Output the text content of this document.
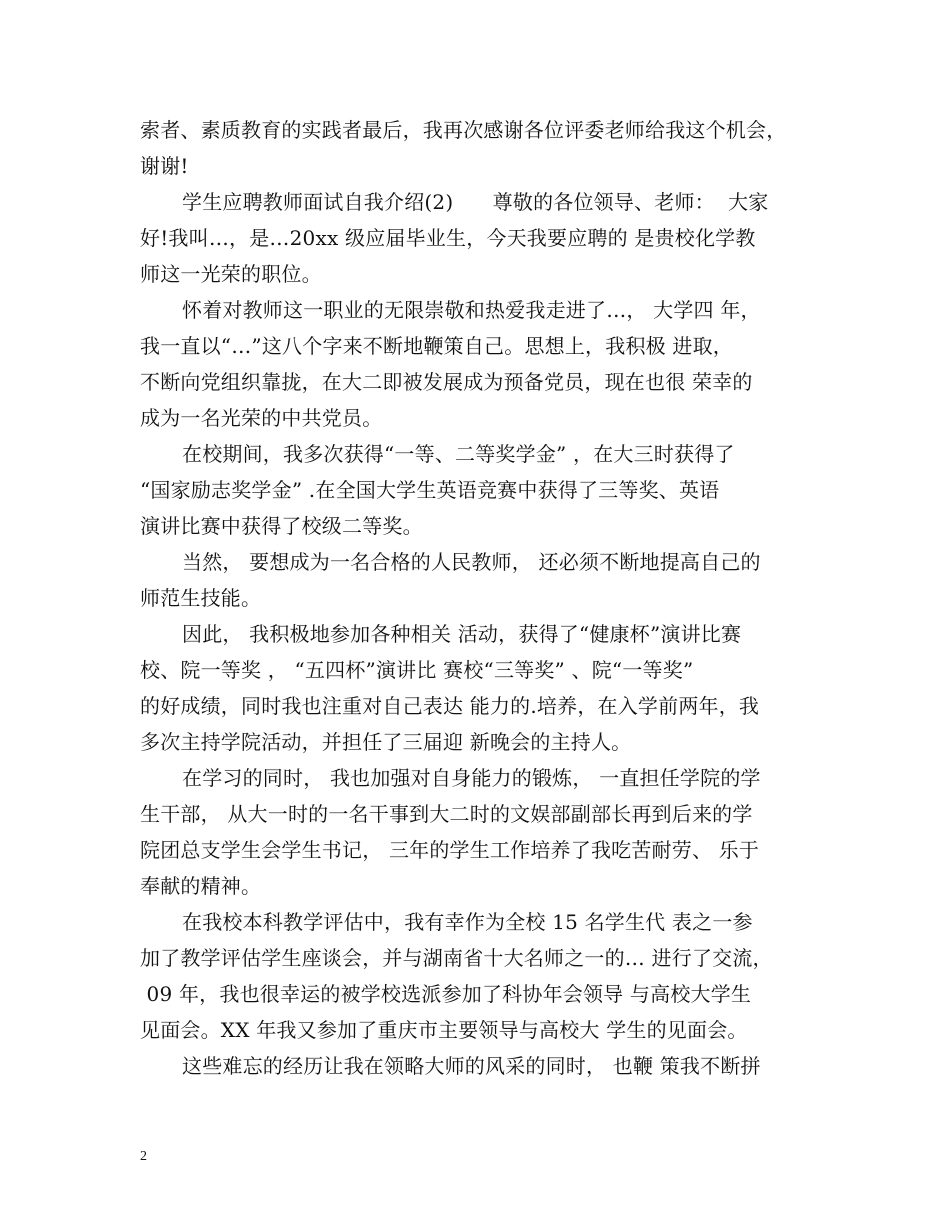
索者、素质教育的实践者最后，我再次感谢各位评委老师给我这个机会，
谢谢!
学生应聘教师面试自我介绍(2)      尊敬的各位领导、老师：  大家
好!我叫…，是…20xx 级应届毕业生，今天我要应聘的 是贵校化学教
师这一光荣的职位。
怀着对教师这一职业的无限崇敬和热爱我走进了…， 大学四 年，
我一直以“…”这八个字来不断地鞭策自己。思想上，我积极 进取，
不断向党组织靠拢，在大二即被发展成为预备党员，现在也很 荣幸的
成为一名光荣的中共党员。
在校期间，我多次获得“一等、二等奖学金” ，在大三时获得了
“国家励志奖学金” .在全国大学生英语竞赛中获得了三等奖、英语
演讲比赛中获得了校级二等奖。
当然， 要想成为一名合格的人民教师， 还必须不断地提高自己的
师范生技能。
因此， 我积极地参加各种相关 活动，获得了“健康杯”演讲比赛
校、院一等奖 ， “五四杯”演讲比 赛校“三等奖” 、院“一等奖”
的好成绩，同时我也注重对自己表达 能力的.培养，在入学前两年，我
多次主持学院活动，并担任了三届迎 新晚会的主持人。
在学习的同时， 我也加强对自身能力的锻炼， 一直担任学院的学
生干部， 从大一时的一名干事到大二时的文娱部副部长再到后来的学
院团总支学生会学生书记， 三年的学生工作培养了我吃苦耐劳、 乐于
奉献的精神。
在我校本科教学评估中，我有幸作为全校 15 名学生代 表之一参
加了教学评估学生座谈会，并与湖南省十大名师之一的… 进行了交流，
09 年，我也很幸运的被学校选派参加了科协年会领导 与高校大学生
见面会。XX 年我又参加了重庆市主要领导与高校大 学生的见面会。
这些难忘的经历让我在领略大师的风采的同时， 也鞭 策我不断拼
2
